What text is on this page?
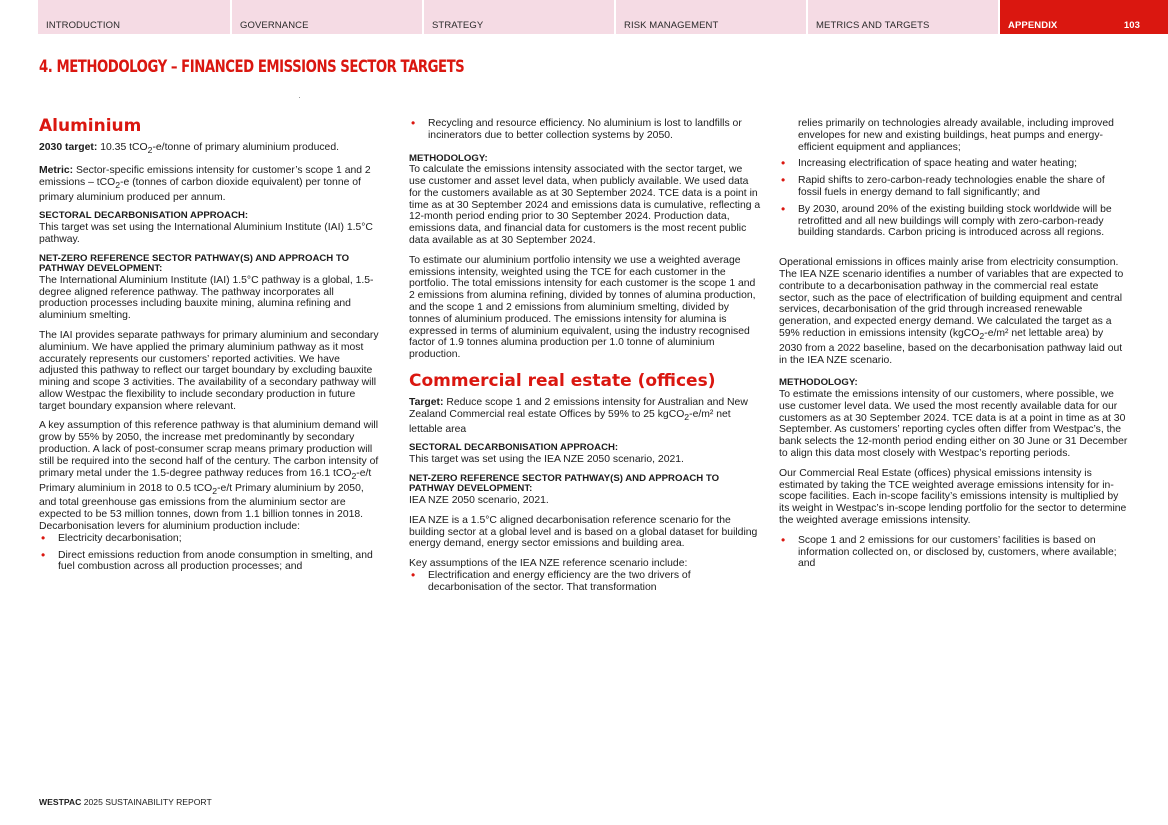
INTRODUCTION	GOVERNANCE	STRATEGY	RISK MANAGEMENT	METRICS AND TARGETS	APPENDIX	103
4. METHODOLOGY – FINANCED EMISSIONS SECTOR TARGETS
Aluminium

2030 target: 10.35 tCO$_2$-e/tonne of primary aluminium produced.

Metric: Sector-specific emissions intensity for customer’s scope 1 and 2 emissions – tCO$_2$-e (tonnes of carbon dioxide equivalent) per tonne of primary aluminium produced per annum.

SECTORAL DECARBONISATION APPROACH:

This target was set using the International Aluminium Institute (IAI) 1.5°C pathway.

NET-ZERO REFERENCE SECTOR PATHWAY(S) AND APPROACH TO PATHWAY DEVELOPMENT:

The International Aluminium Institute (IAI) 1.5°C pathway is a global, 1.5-degree aligned reference pathway. The pathway incorporates all production processes including bauxite mining, alumina refining and aluminium smelting.

The IAI provides separate pathways for primary aluminium and secondary aluminium. We have applied the primary aluminium pathway as it most accurately represents our customers’ reported activities. We have adjusted this pathway to reflect our target boundary by excluding bauxite mining and scope 3 activities. The availability of a secondary pathway will allow Westpac the flexibility to include secondary production in future target boundary expansion where relevant.

A key assumption of this reference pathway is that aluminium demand will grow by 55% by 2050, the increase met predominantly by secondary production. A lack of post-consumer scrap means primary production will still be required into the second half of the century. The carbon intensity of primary metal under the 1.5-degree pathway reduces from 16.1 tCO$_2$-e/t Primary aluminium in 2018 to 0.5 tCO$_2$-e/t Primary aluminium by 2050, and total greenhouse gas emissions from the aluminium sector are expected to be 53 million tonnes, down from 1.1 billion tonnes in 2018. Decarbonisation levers for aluminium production include:

• Electricity decarbonisation;
• Direct emissions reduction from anode consumption in smelting, and fuel combustion across all production processes; and
• Recycling and resource efficiency. No aluminium is lost to landfills or incinerators due to better collection systems by 2050.
METHODOLOGY:

To calculate the emissions intensity associated with the sector target, we use customer and asset level data, when publicly available. We used data for the customers available as at 30 September 2024. TCE data is a point in time as at 30 September 2024 and emissions data is cumulative, reflecting a 12-month period ending prior to 30 September 2024. Production data, emissions data, and financial data for customers is the most recent public data available as at 30 September 2024.

To estimate our aluminium portfolio intensity we use a weighted average emissions intensity, weighted using the TCE for each customer in the portfolio. The total emissions intensity for each customer is the scope 1 and 2 emissions from alumina refining, divided by tonnes of alumina production, and the scope 1 and 2 emissions from aluminium smelting, divided by tonnes of aluminium produced. The emissions intensity for alumina is expressed in terms of aluminium equivalent, using the industry recognised factor of 1.9 tonnes alumina production per 1.0 tonne of aluminium production.

Commercial real estate (offices)

Target: Reduce scope 1 and 2 emissions intensity for Australian and New Zealand Commercial real estate Offices by 59% to 25 kgCO$_2$-e/m² net lettable area

SECTORAL DECARBONISATION APPROACH:

This target was set using the IEA NZE 2050 scenario, 2021.

NET-ZERO REFERENCE SECTOR PATHWAY(S) AND APPROACH TO PATHWAY DEVELOPMENT:

IEA NZE 2050 scenario, 2021.

IEA NZE is a 1.5°C aligned decarbonisation reference scenario for the building sector at a global level and is based on a global dataset for building energy demand, energy sector emissions and building area.

Key assumptions of the IEA NZE reference scenario include:

• Electrification and energy efficiency are the two drivers of decarbonisation of the sector. That transformation

relies primarily on technologies already available, including improved envelopes for new and existing buildings, heat pumps and energy-efficient equipment and appliances;

• Increasing electrification of space heating and water heating;
• Rapid shifts to zero-carbon-ready technologies enable the share of fossil fuels in energy demand to fall significantly; and
• By 2030, around 20% of the existing building stock worldwide will be retrofitted and all new buildings will comply with zero-carbon-ready building standards. Carbon pricing is introduced across all regions.

Operational emissions in offices mainly arise from electricity consumption. The IEA NZE scenario identifies a number of variables that are expected to contribute to a decarbonisation pathway in the commercial real estate sector, such as the pace of electrification of building equipment and central services, decarbonisation of the grid through increased renewable generation, and expected energy demand. We calculated the target as a 59% reduction in emissions intensity (kgCO$_2$-e/m² net lettable area) by 2030 from a 2022 baseline, based on the decarbonisation pathway laid out in the IEA NZE scenario.

METHODOLOGY:

To estimate the emissions intensity of our customers, where possible, we use customer level data. We used the most recently available data for our customers as at 30 September 2024. TCE data is at a point in time as at 30 September. As customers’ reporting cycles often differ from Westpac’s, the bank selects the 12-month period ending either on 30 June or 31 December to align this data most closely with Westpac’s reporting periods.

Our Commercial Real Estate (offices) physical emissions intensity is estimated by taking the TCE weighted average emissions intensity for in-scope facilities. Each in-scope facility’s emissions intensity is multiplied by its weight in Westpac’s in-scope lending portfolio for the sector to determine the weighted average emissions intensity.

• Scope 1 and 2 emissions for our customers’ facilities is based on information collected on, or disclosed by, customers, where available; and
WESTPAC 2025 SUSTAINABILITY REPORT
